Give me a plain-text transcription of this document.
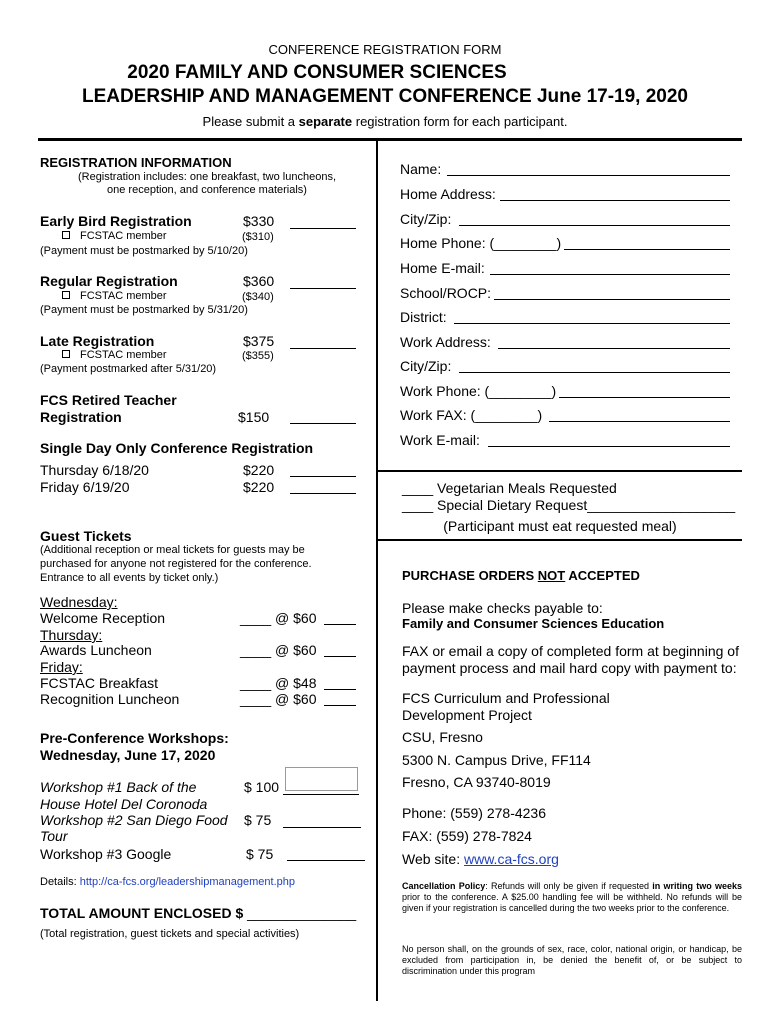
CONFERENCE REGISTRATION FORM
2020 FAMILY AND CONSUMER SCIENCES
LEADERSHIP AND MANAGEMENT CONFERENCE June 17-19, 2020
Please submit a separate registration form for each participant.
REGISTRATION INFORMATION
(Registration includes: one breakfast, two luncheons,
one reception, and conference materials)
Early Bird Registration	$330
FCSTAC member	($310)
(Payment must be postmarked by 5/10/20)
Regular Registration	$360
FCSTAC member	($340)
(Payment must be postmarked by 5/31/20)
Late Registration	$375
FCSTAC member	($355)
(Payment postmarked after 5/31/20)
FCS Retired Teacher
Registration	$150
Single Day Only Conference Registration
Thursday 6/18/20	$220
Friday 6/19/20	$220
Guest Tickets
(Additional reception or meal tickets for guests may be
purchased for anyone not registered for the conference.
Entrance to all events by ticket only.)
Wednesday:
Welcome Reception	____ @ $60
Thursday:
Awards Luncheon	____ @ $60
Friday:
FCSTAC Breakfast	____ @ $48
Recognition Luncheon	____ @ $60
Pre-Conference Workshops:
Wednesday, June 17, 2020
Workshop #1 Back of the
House Hotel Del Coronoda
$ 100
Workshop #2 San Diego Food
Tour
$ 75
Workshop #3 Google	$ 75
Details: http://ca-fcs.org/leadershipmanagement.php
TOTAL AMOUNT ENCLOSED $ ______________
(Total registration, guest tickets and special activities)
Name:
Home Address:
City/Zip:
Home Phone: (________)
Home E-mail:
School/ROCP:
District:
Work Address:
City/Zip:
Work Phone: (________)
Work FAX: (________)
Work E-mail:
____ Vegetarian Meals Requested
____ Special Dietary Request___________________
(Participant must eat requested meal)
PURCHASE ORDERS NOT ACCEPTED
Please make checks payable to:
Family and Consumer Sciences Education
FAX or email a copy of completed form at beginning of
payment process and mail hard copy with payment to:
FCS Curriculum and Professional
Development Project
CSU, Fresno
5300 N. Campus Drive, FF114
Fresno, CA 93740-8019
Phone: (559) 278-4236
FAX: (559) 278-7824
Web site: www.ca-fcs.org
Cancellation Policy: Refunds will only be given if requested in writing two weeks prior to the conference. A $25.00 handling fee will be withheld. No refunds will be given if your registration is cancelled during the two weeks prior to the conference.
No person shall, on the grounds of sex, race, color, national origin, or handicap, be excluded from participation in, be denied the benefit of, or be subject to discrimination under this program
